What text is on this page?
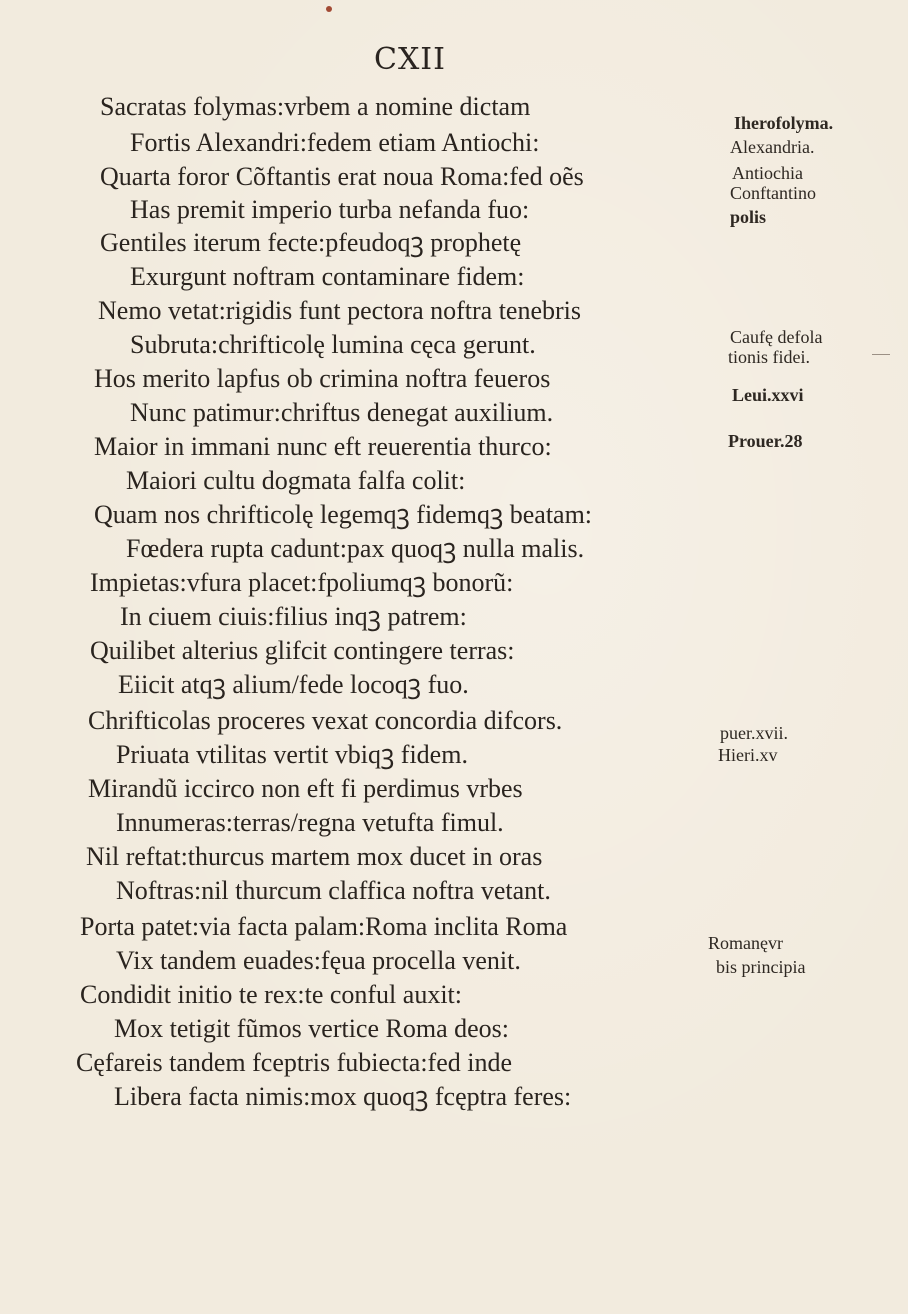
CXII
Sacratas folymas:vrbem a nomine dictam
Fortis Alexandri:fedem etiam Antiochi:
Quarta foror Cõftantis erat noua Roma:fed oẽs
Has premit imperio turba nefanda fuo:
Gentiles iterum fecte:pfeudoqꝫ prophetę
Exurgunt noftram contaminare fidem:
Nemo vetat:rigidis funt pectora noftra tenebris
Subruta:chrifticolę lumina cęca gerunt.
Hos merito lapfus ob crimina noftra feueros
Nunc patimur:chriftus denegat auxilium.
Maior in immani nunc eft reuerentia thurco:
Maiori cultu dogmata falfa colit:
Quam nos chrifticolę legemqꝫ fidemqꝫ beatam:
Fœdera rupta cadunt:pax quoqꝫ nulla malis.
Impietas:vfura placet:fpoliumqꝫ bonorũ:
In ciuem ciuis:filius inqꝫ patrem:
Quilibet alterius glifcit contingere terras:
Eiicit atqꝫ alium/fede locoqꝫ fuo.
Chrifticolas proceres vexat concordia difcors.
Priuata vtilitas vertit vbiqꝫ fidem.
Mirandũ iccirco non eft fi perdimus vrbes
Innumeras:terras/regna vetufta fimul.
Nil reftat:thurcus martem mox ducet in oras
Noftras:nil thurcum claffica noftra vetant.
Porta patet:via facta palam:Roma inclita Roma
Vix tandem euades:fęua procella venit.
Condidit initio te rex:te conful auxit:
Mox tetigit fũmos vertice Roma deos:
Cęfareis tandem fceptris fubiecta:fed inde
Libera facta nimis:mox quoqꝫ fcęptra feres:
Iherofolyma.
Alexandria.
Antiochia
Conftantino
polis
Caufę defola
tionis fidei.
Leui.xxvi
Prouer.28
puer.xvii.
Hieri.xv
Romanęvr
bis principia
